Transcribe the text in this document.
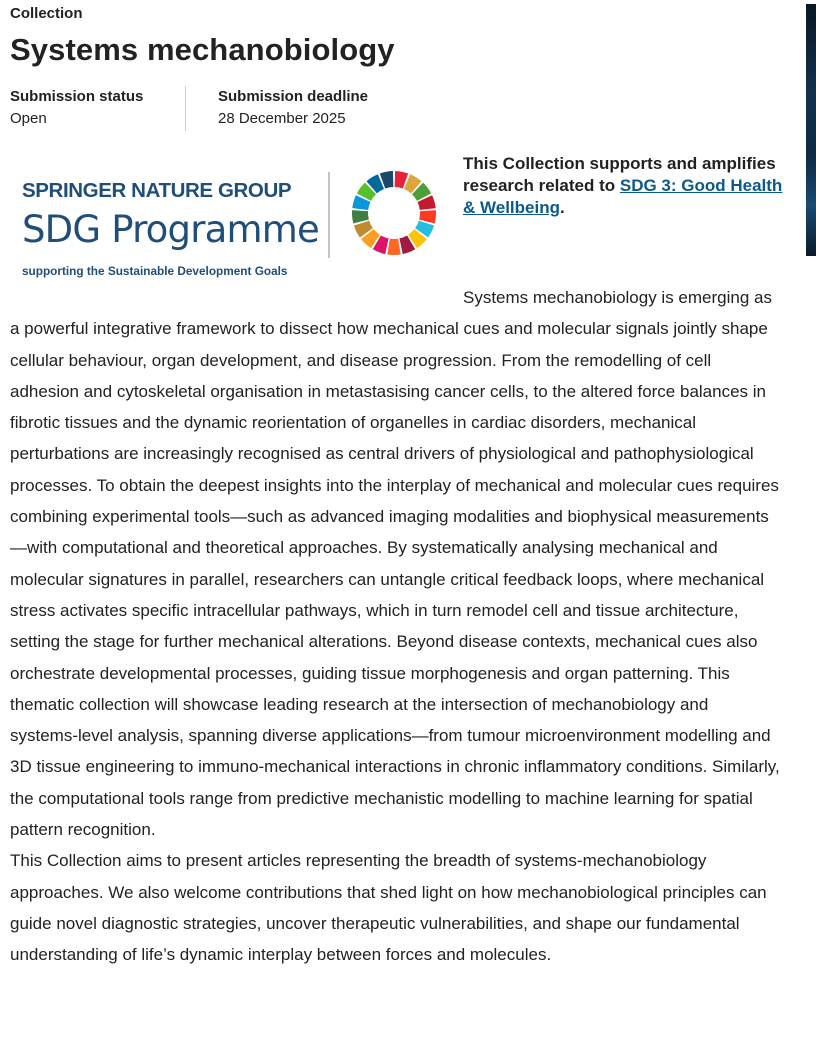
Collection
Systems mechanobiology
Submission status
Open
Submission deadline
28 December 2025
SPRINGER NATURE GROUP
SDG Programme
supporting the Sustainable Development Goals
This Collection supports and amplifies research related to SDG 3: Good Health & Wellbeing.

Systems mechanobiology is emerging as a powerful integrative framework to dissect how mechanical cues and molecular signals jointly shape cellular behaviour, organ development, and disease progression. From the remodelling of cell adhesion and cytoskeletal organisation in metastasising cancer cells, to the altered force balances in fibrotic tissues and the dynamic reorientation of organelles in cardiac disorders, mechanical perturbations are increasingly recognised as central drivers of physiological and pathophysiological processes. To obtain the deepest insights into the interplay of mechanical and molecular cues requires combining experimental tools—such as advanced imaging modalities and biophysical measurements—with computational and theoretical approaches. By systematically analysing mechanical and molecular signatures in parallel, researchers can untangle critical feedback loops, where mechanical stress activates specific intracellular pathways, which in turn remodel cell and tissue architecture, setting the stage for further mechanical alterations. Beyond disease contexts, mechanical cues also orchestrate developmental processes, guiding tissue morphogenesis and organ patterning. This thematic collection will showcase leading research at the intersection of mechanobiology and systems-level analysis, spanning diverse applications—from tumour microenvironment modelling and 3D tissue engineering to immuno-mechanical interactions in chronic inflammatory conditions. Similarly, the computational tools range from predictive mechanistic modelling to machine learning for spatial pattern recognition.

This Collection aims to present articles representing the breadth of systems-mechanobiology approaches. We also welcome contributions that shed light on how mechanobiological principles can guide novel diagnostic strategies, uncover therapeutic vulnerabilities, and shape our fundamental understanding of life’s dynamic interplay between forces and molecules.
